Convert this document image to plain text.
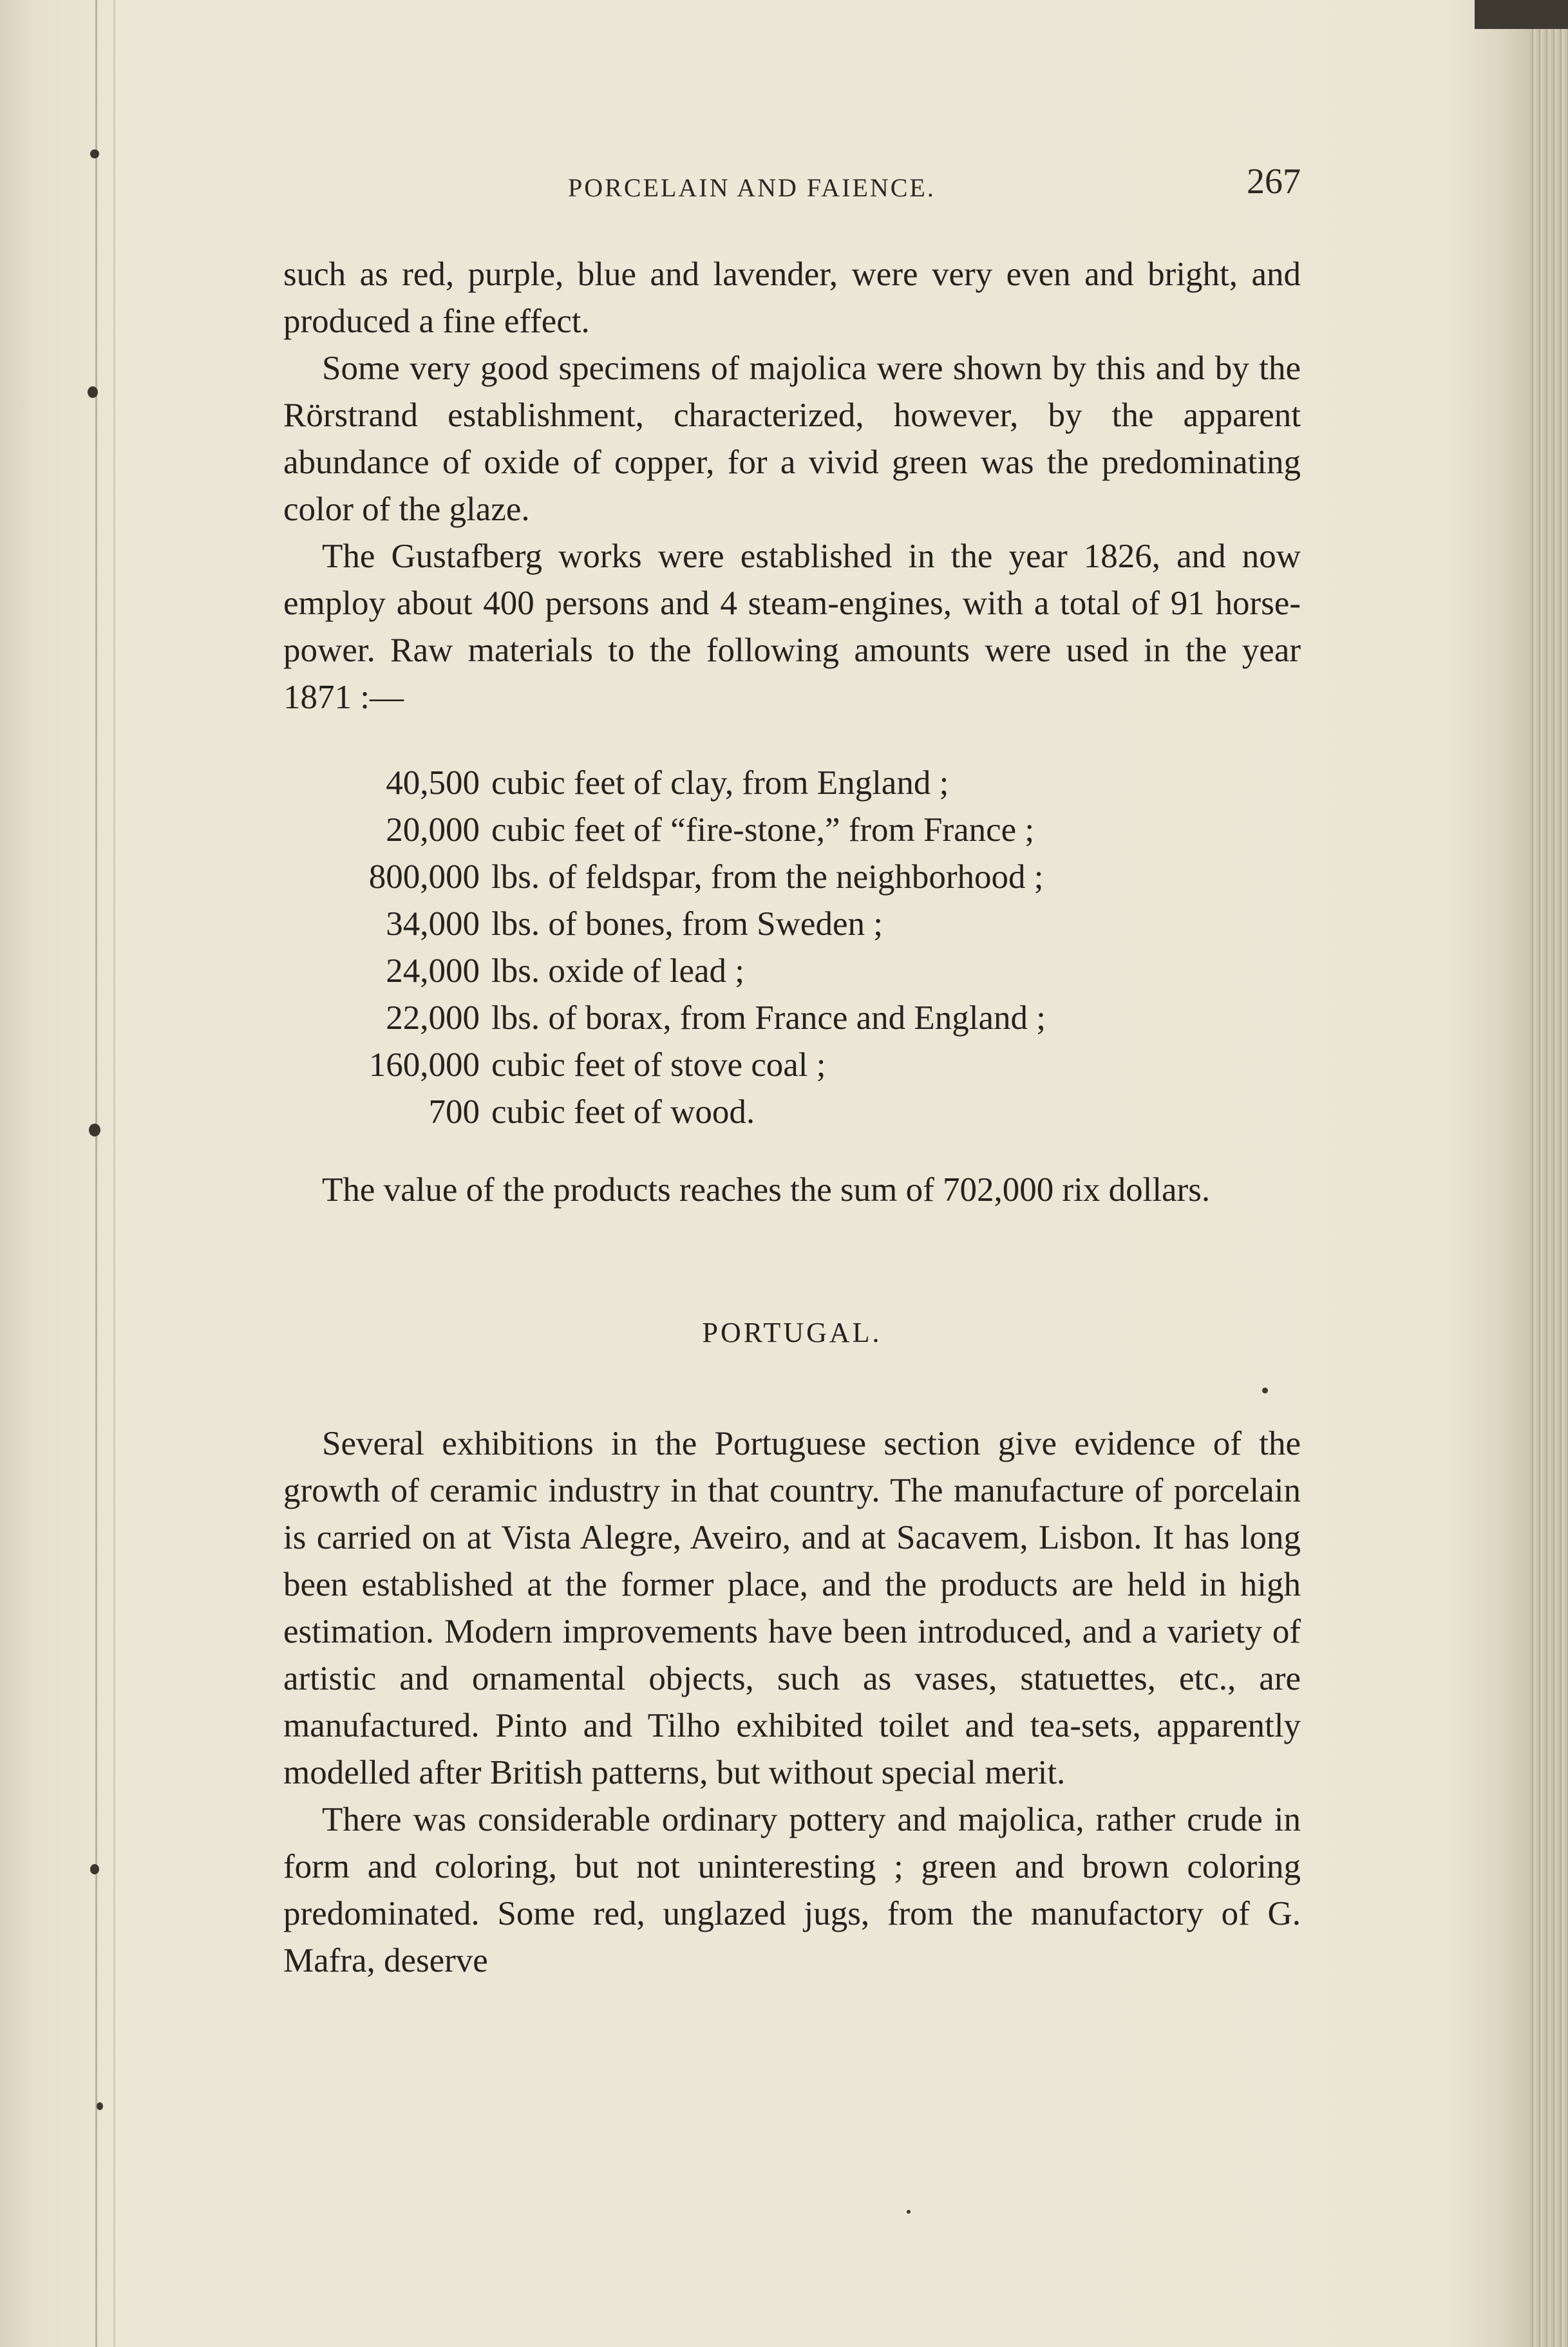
PORCELAIN AND FAIENCE.	267

such as red, purple, blue and lavender, were very even and bright, and produced a fine effect.

Some very good specimens of majolica were shown by this and by the Rörstrand establishment, characterized, however, by the apparent abundance of oxide of copper, for a vivid green was the predominating color of the glaze.

The Gustafberg works were established in the year 1826, and now employ about 400 persons and 4 steam-engines, with a total of 91 horse-power. Raw materials to the following amounts were used in the year 1871 :—

40,500 cubic feet of clay, from England ;
20,000 cubic feet of “fire-stone,” from France ;
800,000 lbs. of feldspar, from the neighborhood ;
34,000 lbs. of bones, from Sweden ;
24,000 lbs. oxide of lead ;
22,000 lbs. of borax, from France and England ;
160,000 cubic feet of stove coal ;
700 cubic feet of wood.

The value of the products reaches the sum of 702,000 rix dollars.

PORTUGAL.

Several exhibitions in the Portuguese section give evidence of the growth of ceramic industry in that country. The manufacture of porcelain is carried on at Vista Alegre, Aveiro, and at Sacavem, Lisbon. It has long been established at the former place, and the products are held in high estimation. Modern improvements have been introduced, and a variety of artistic and ornamental objects, such as vases, statuettes, etc., are manufactured. Pinto and Tilho exhibited toilet and tea-sets, apparently modelled after British patterns, but without special merit.

There was considerable ordinary pottery and majolica, rather crude in form and coloring, but not uninteresting ; green and brown coloring predominated. Some red, unglazed jugs, from the manufactory of G. Mafra, deserve
